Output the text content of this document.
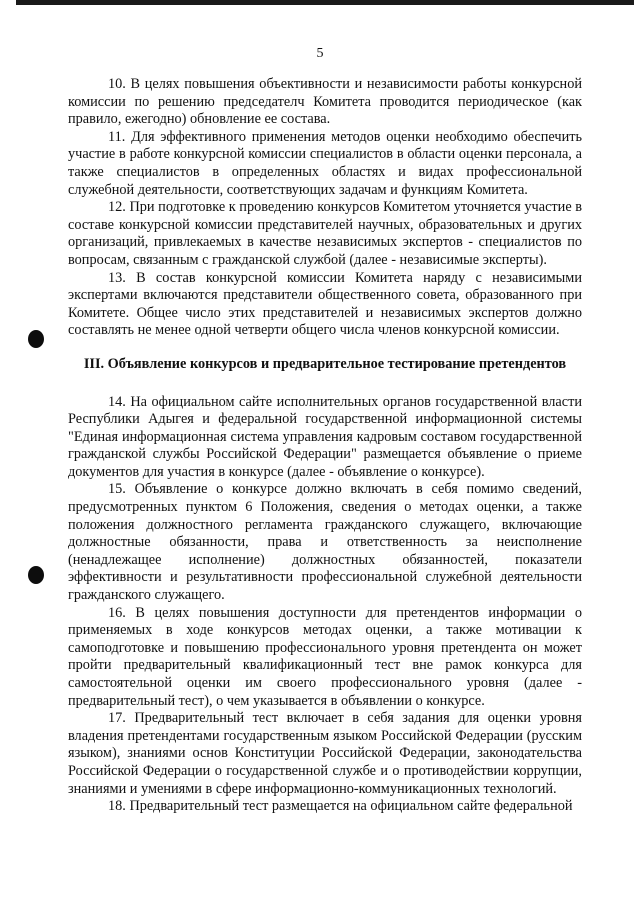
5

10. В целях повышения объективности и независимости работы конкурсной комиссии по решению председателч Комитета проводится периодическое (как правило, ежегодно) обновление ее состава.

11. Для эффективного применения методов оценки необходимо обеспечить участие в работе конкурсной комиссии специалистов в области оценки персонала, а также специалистов в определенных областях и видах профессиональной служебной деятельности, соответствующих задачам и функциям Комитета.

12. При подготовке к проведению конкурсов Комитетом уточняется участие в составе конкурсной комиссии представителей научных, образовательных и других организаций, привлекаемых в качестве независимых экспертов - специалистов по вопросам, связанным с гражданской службой (далее - независимые эксперты).

13. В состав конкурсной комиссии Комитета наряду с независимыми экспертами включаются представители общественного совета, образованного при Комитете. Общее число этих представителей и независимых экспертов должно составлять не менее одной четверти общего числа членов конкурсной комиссии.

III. Объявление конкурсов и предварительное тестирование претендентов

14. На официальном сайте исполнительных органов государственной власти Республики Адыгея и федеральной государственной информационной системы "Единая информационная система управления кадровым составом государственной гражданской службы Российской Федерации" размещается объявление о приеме документов для участия в конкурсе (далее - объявление о конкурсе).

15. Объявление о конкурсе должно включать в себя помимо сведений, предусмотренных пунктом 6 Положения, сведения о методах оценки, а также положения должностного регламента гражданского служащего, включающие должностные обязанности, права и ответственность за неисполнение (ненадлежащее исполнение) должностных обязанностей, показатели эффективности и результативности профессиональной служебной деятельности гражданского служащего.

16. В целях повышения доступности для претендентов информации о применяемых в ходе конкурсов методах оценки, а также мотивации к самоподготовке и повышению профессионального уровня претендента он может пройти предварительный квалификационный тест вне рамок конкурса для самостоятельной оценки им своего профессионального уровня (далее - предварительный тест), о чем указывается в объявлении о конкурсе.

17. Предварительный тест включает в себя задания для оценки уровня владения претендентами государственным языком Российской Федерации (русским языком), знаниями основ Конституции Российской Федерации, законодательства Российской Федерации о государственной службе и о противодействии коррупции, знаниями и умениями в сфере информационно-коммуникационных технологий.

18. Предварительный тест размещается на официальном сайте федеральной
